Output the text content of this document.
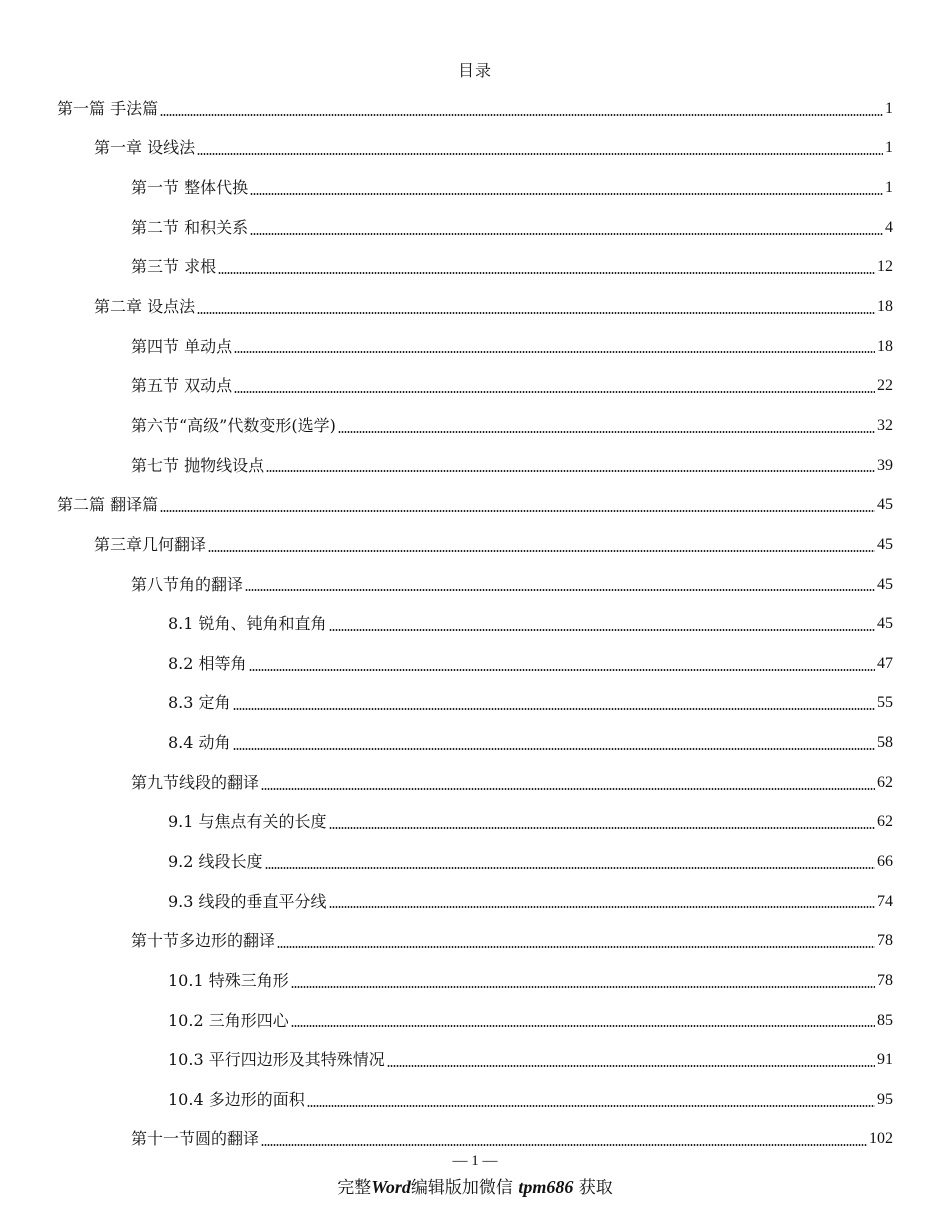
目录
第一篇 手法篇	1
第一章 设线法	1
第一节 整体代换	1
第二节 和积关系	4
第三节 求根	12
第二章 设点法	18
第四节 单动点	18
第五节 双动点	22
第六节“高级”代数变形(选学)	32
第七节 抛物线设点	39
第二篇 翻译篇	45
第三章几何翻译	45
第八节角的翻译	45
8.1 锐角、钝角和直角	45
8.2 相等角	47
8.3 定角	55
8.4 动角	58
第九节线段的翻译	62
9.1 与焦点有关的长度	62
9.2 线段长度	66
9.3 线段的垂直平分线	74
第十节多边形的翻译	78
10.1 特殊三角形	78
10.2 三角形四心	85
10.3 平行四边形及其特殊情况	91
10.4 多边形的面积	95
第十一节圆的翻译	102
— 1 —
完整Word编辑版加微信 tpm686 获取
